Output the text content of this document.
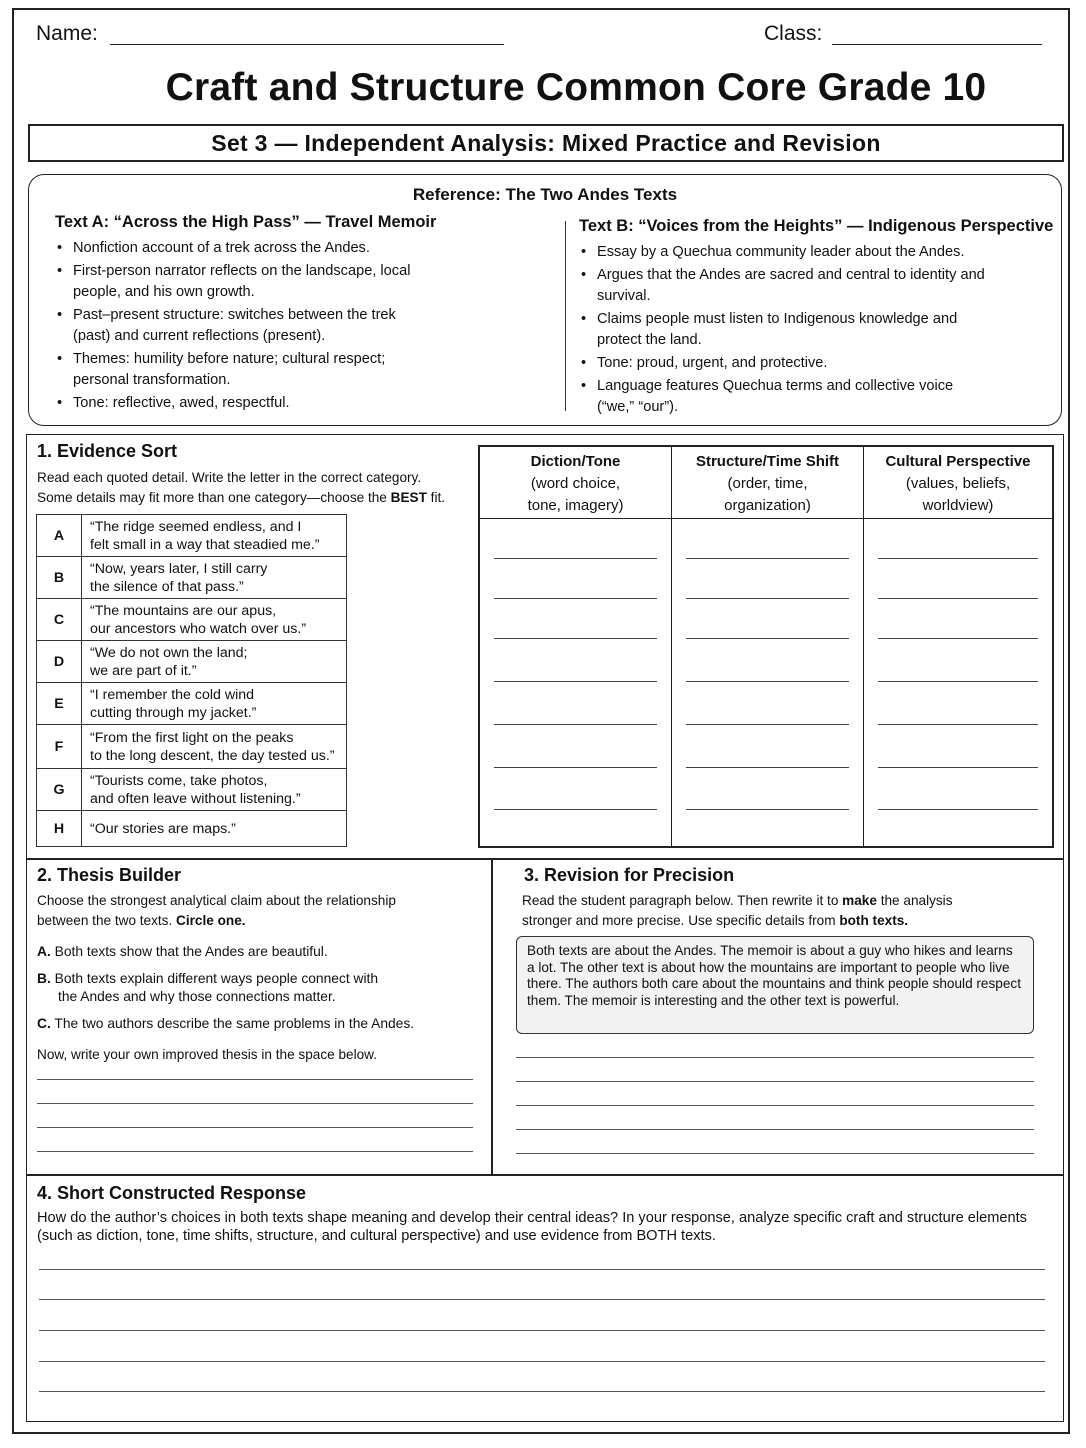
Name:	Class:
Craft and Structure Common Core Grade 10
Set 3 — Independent Analysis: Mixed Practice and Revision
Reference: The Two Andes Texts
Text A: “Across the High Pass” — Travel Memoir
• Nonfiction account of a trek across the Andes.
• First-person narrator reflects on the landscape, local people, and his own growth.
• Past–present structure: switches between the trek (past) and current reflections (present).
• Themes: humility before nature; cultural respect; personal transformation.
• Tone: reflective, awed, respectful.
Text B: “Voices from the Heights” — Indigenous Perspective
• Essay by a Quechua community leader about the Andes.
• Argues that the Andes are sacred and central to identity and survival.
• Claims people must listen to Indigenous knowledge and protect the land.
• Tone: proud, urgent, and protective.
• Language features Quechua terms and collective voice (“we,” “our”).
1. Evidence Sort
Read each quoted detail. Write the letter in the correct category.
Some details may fit more than one category—choose the BEST fit.
A	“The ridge seemed endless, and I
felt small in a way that steadied me.”

B	“Now, years later, I still carry
the silence of that pass.”

C	“The mountains are our apus,
our ancestors who watch over us.”

D	“We do not own the land;
we are part of it.”

E	“I remember the cold wind
cutting through my jacket.”

F	“From the first light on the peaks
to the long descent, the day tested us.”

G	“Tourists come, take photos,
and often leave without listening.”

H	“Our stories are maps.”
Diction/Tone
(word choice,
tone, imagery)
Structure/Time Shift
(order, time,
organization)
Cultural Perspective
(values, beliefs,
worldview)
2. Thesis Builder
Choose the strongest analytical claim about the relationship
between the two texts. Circle one.
A. Both texts show that the Andes are beautiful.
B. Both texts explain different ways people connect with
the Andes and why those connections matter.
C. The two authors describe the same problems in the Andes.
Now, write your own improved thesis in the space below.
3. Revision for Precision
Read the student paragraph below. Then rewrite it to make the analysis
stronger and more precise. Use specific details from both texts.
Both texts are about the Andes. The memoir is about a guy who hikes and learns a lot. The other text is about how the mountains are important to people who live there. The authors both care about the mountains and think people should respect them. The memoir is interesting and the other text is powerful.
4. Short Constructed Response
How do the author’s choices in both texts shape meaning and develop their central ideas? In your response, analyze specific craft and structure elements (such as diction, tone, time shifts, structure, and cultural perspective) and use evidence from BOTH texts.
